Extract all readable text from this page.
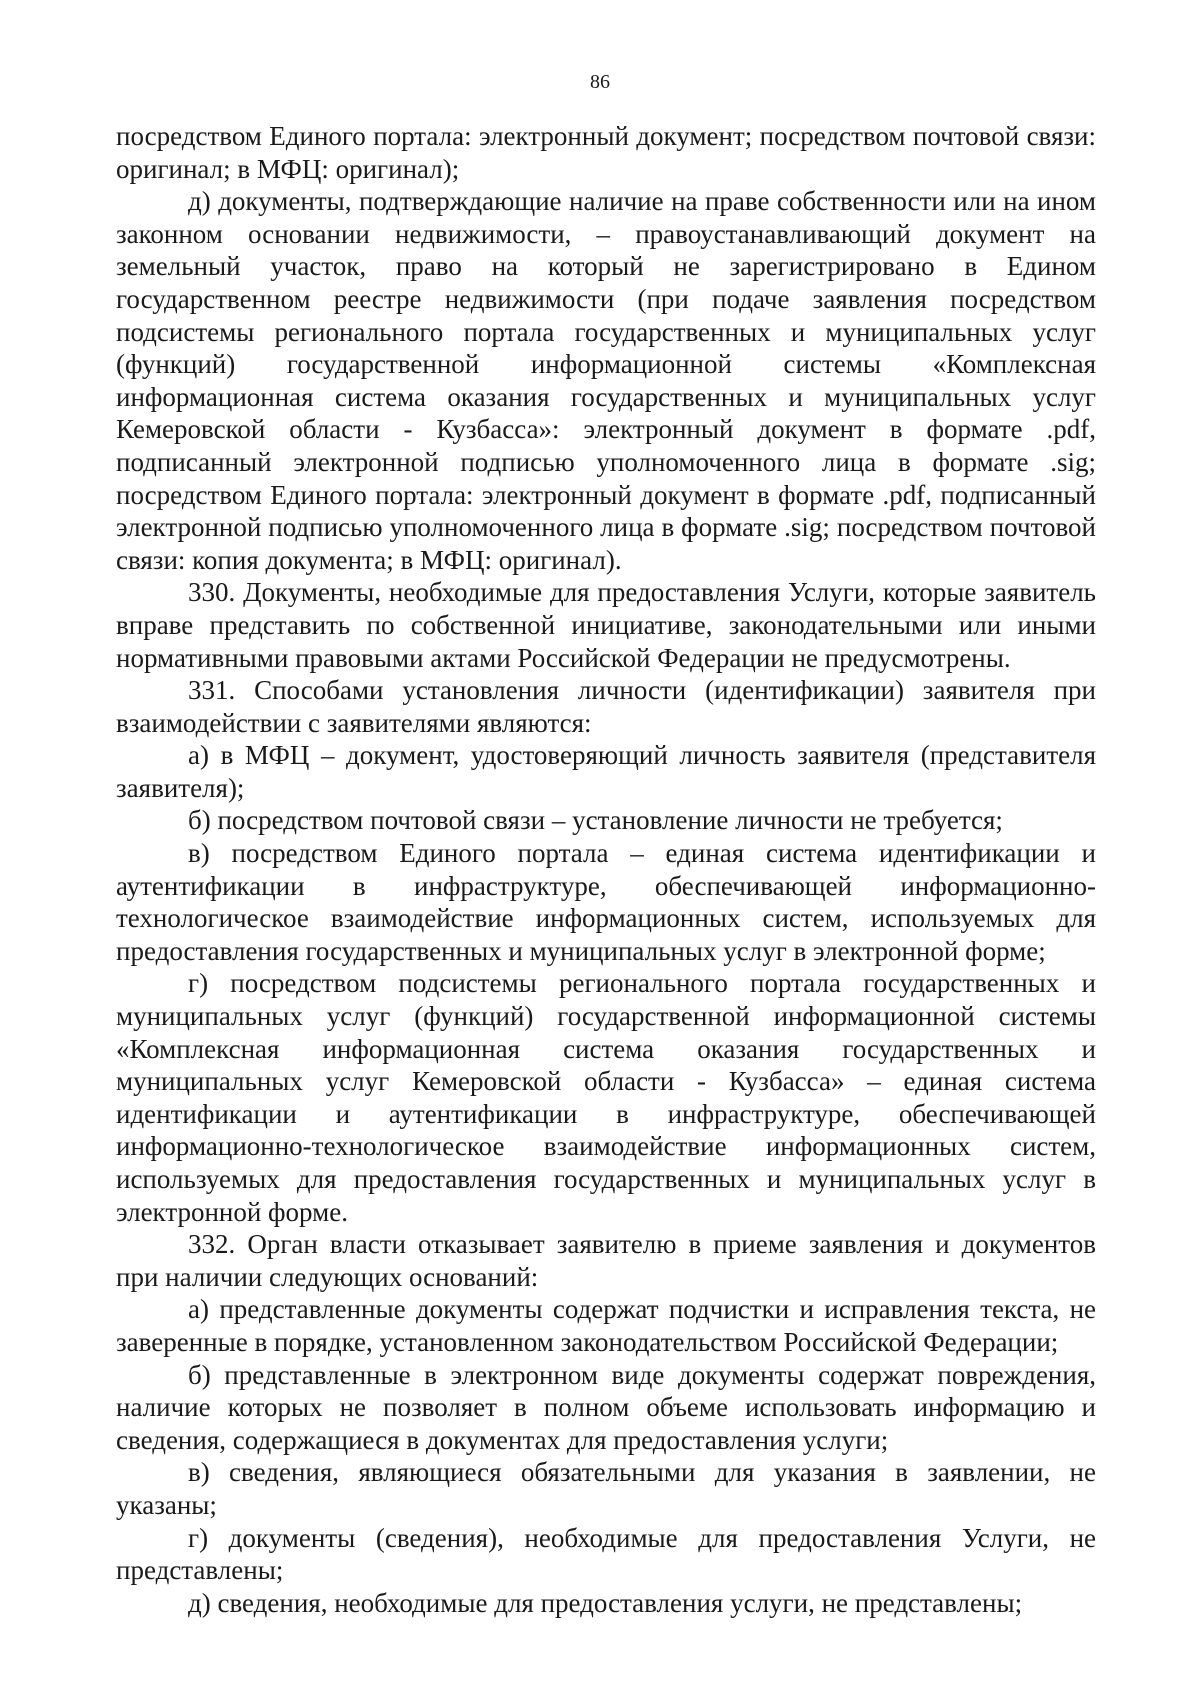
86

посредством Единого портала: электронный документ; посредством почтовой связи: оригинал; в МФЦ: оригинал);

д) документы, подтверждающие наличие на праве собственности или на ином законном основании недвижимости, – правоустанавливающий документ на земельный участок, право на который не зарегистрировано в Едином государственном реестре недвижимости (при подаче заявления посредством подсистемы регионального портала государственных и муниципальных услуг (функций) государственной информационной системы «Комплексная информационная система оказания государственных и муниципальных услуг Кемеровской области - Кузбасса»: электронный документ в формате .pdf, подписанный электронной подписью уполномоченного лица в формате .sig; посредством Единого портала: электронный документ в формате .pdf, подписанный электронной подписью уполномоченного лица в формате .sig; посредством почтовой связи: копия документа; в МФЦ: оригинал).

330. Документы, необходимые для предоставления Услуги, которые заявитель вправе представить по собственной инициативе, законодательными или иными нормативными правовыми актами Российской Федерации не предусмотрены.

331. Способами установления личности (идентификации) заявителя при взаимодействии с заявителями являются:

а) в МФЦ – документ, удостоверяющий личность заявителя (представителя заявителя);

б) посредством почтовой связи – установление личности не требуется;

в) посредством Единого портала – единая система идентификации и аутентификации в инфраструктуре, обеспечивающей информационно-технологическое взаимодействие информационных систем, используемых для предоставления государственных и муниципальных услуг в электронной форме;

г) посредством подсистемы регионального портала государственных и муниципальных услуг (функций) государственной информационной системы «Комплексная информационная система оказания государственных и муниципальных услуг Кемеровской области - Кузбасса» – единая система идентификации и аутентификации в инфраструктуре, обеспечивающей информационно-технологическое взаимодействие информационных систем, используемых для предоставления государственных и муниципальных услуг в электронной форме.

332. Орган власти отказывает заявителю в приеме заявления и документов при наличии следующих оснований:

а) представленные документы содержат подчистки и исправления текста, не заверенные в порядке, установленном законодательством Российской Федерации;

б) представленные в электронном виде документы содержат повреждения, наличие которых не позволяет в полном объеме использовать информацию и сведения, содержащиеся в документах для предоставления услуги;

в) сведения, являющиеся обязательными для указания в заявлении, не указаны;

г) документы (сведения), необходимые для предоставления Услуги, не представлены;

д) сведения, необходимые для предоставления услуги, не представлены;
